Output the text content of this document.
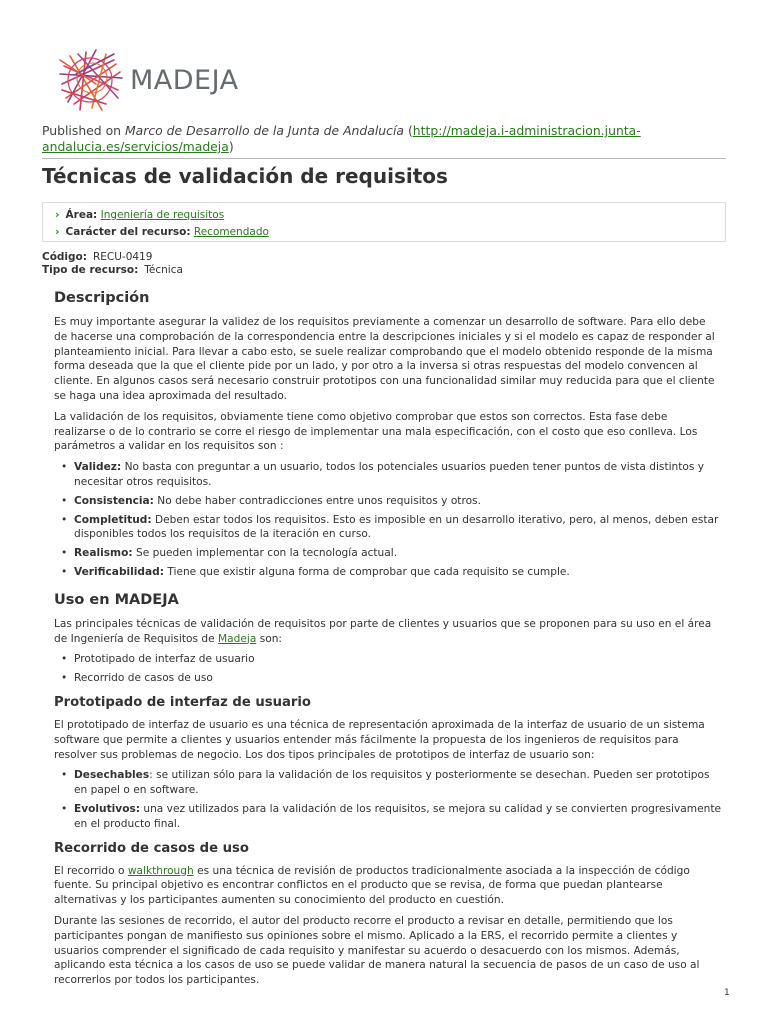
MADEJA
Published on Marco de Desarrollo de la Junta de Andalucía (http://madeja.i-administracion.junta-
andalucia.es/servicios/madeja)
Técnicas de validación de requisitos
› Área: Ingeniería de requisitos
› Carácter del recurso: Recomendado
Código: RECU-0419
Tipo de recurso: Técnica
Descripción

Es muy importante asegurar la validez de los requisitos previamente a comenzar un desarrollo de software. Para ello debe de hacerse una comprobación de la correspondencia entre la descripciones iniciales y si el modelo es capaz de responder al planteamiento inicial. Para llevar a cabo esto, se suele realizar comprobando que el modelo obtenido responde de la misma forma deseada que la que el cliente pide por un lado, y por otro a la inversa si otras respuestas del modelo convencen al cliente. En algunos casos será necesario construir prototipos con una funcionalidad similar muy reducida para que el cliente se haga una idea aproximada del resultado.

La validación de los requisitos, obviamente tiene como objetivo comprobar que estos son correctos. Esta fase debe realizarse o de lo contrario se corre el riesgo de implementar una mala especificación, con el costo que eso conlleva. Los parámetros a validar en los requisitos son :

• Validez: No basta con preguntar a un usuario, todos los potenciales usuarios pueden tener puntos de vista distintos y necesitar otros requisitos.
• Consistencia: No debe haber contradicciones entre unos requisitos y otros.
• Completitud: Deben estar todos los requisitos. Esto es imposible en un desarrollo iterativo, pero, al menos, deben estar disponibles todos los requisitos de la iteración en curso.
• Realismo: Se pueden implementar con la tecnología actual.
• Verificabilidad: Tiene que existir alguna forma de comprobar que cada requisito se cumple.
Uso en MADEJA

Las principales técnicas de validación de requisitos por parte de clientes y usuarios que se proponen para su uso en el área de Ingeniería de Requisitos de Madeja son:

• Prototipado de interfaz de usuario
• Recorrido de casos de uso
Prototipado de interfaz de usuario

El prototipado de interfaz de usuario es una técnica de representación aproximada de la interfaz de usuario de un sistema software que permite a clientes y usuarios entender más fácilmente la propuesta de los ingenieros de requisitos para resolver sus problemas de negocio. Los dos tipos principales de prototipos de interfaz de usuario son:

• Desechables: se utilizan sólo para la validación de los requisitos y posteriormente se desechan. Pueden ser prototipos en papel o en software.
• Evolutivos: una vez utilizados para la validación de los requisitos, se mejora su calidad y se convierten progresivamente en el producto final.
Recorrido de casos de uso

El recorrido o walkthrough es una técnica de revisión de productos tradicionalmente asociada a la inspección de código fuente. Su principal objetivo es encontrar conflictos en el producto que se revisa, de forma que puedan plantearse alternativas y los participantes aumenten su conocimiento del producto en cuestión.

Durante las sesiones de recorrido, el autor del producto recorre el producto a revisar en detalle, permitiendo que los participantes pongan de manifiesto sus opiniones sobre el mismo. Aplicado a la ERS, el recorrido permite a clientes y usuarios comprender el significado de cada requisito y manifestar su acuerdo o desacuerdo con los mismos. Además, aplicando esta técnica a los casos de uso se puede validar de manera natural la secuencia de pasos de un caso de uso al recorrerlos por todos los participantes.

1
